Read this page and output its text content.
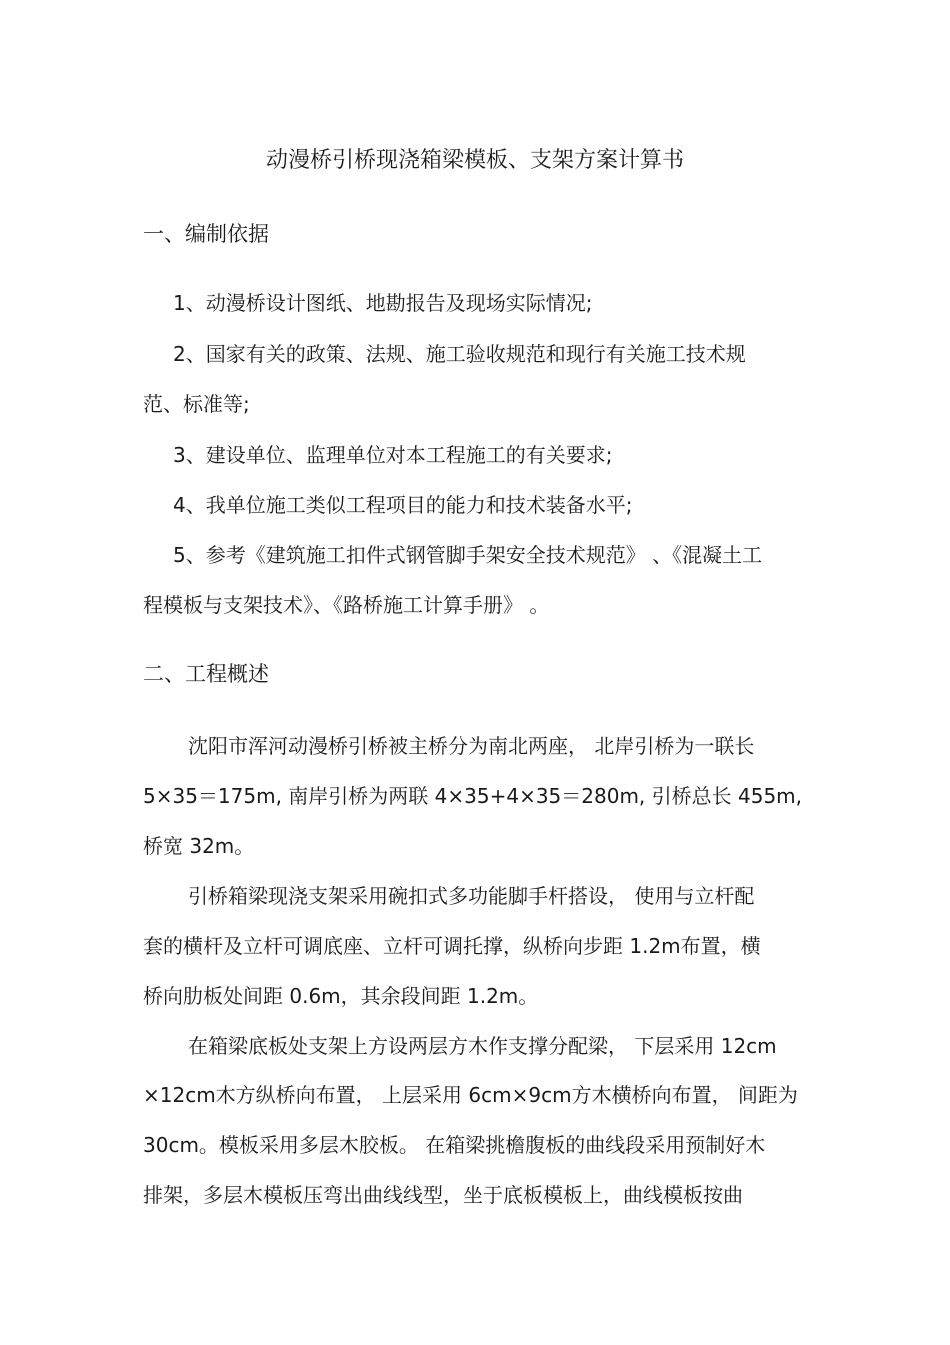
动漫桥引桥现浇箱梁模板、支架方案计算书

一、编制依据

1、动漫桥设计图纸、地勘报告及现场实际情况;

2、国家有关的政策、法规、施工验收规范和现行有关施工技术规

范、标准等;

3、建设单位、监理单位对本工程施工的有关要求;

4、我单位施工类似工程项目的能力和技术装备水平;

5、参考《建筑施工扣件式钢管脚手架安全技术规范》 、《混凝土工

程模板与支架技术》、《路桥施工计算手册》 。

二、工程概述

沈阳市浑河动漫桥引桥被主桥分为南北两座， 北岸引桥为一联长

5×35＝175m, 南岸引桥为两联 4×35+4×35＝280m, 引桥总长 455m,

桥宽 32m。

引桥箱梁现浇支架采用碗扣式多功能脚手杆搭设， 使用与立杆配

套的横杆及立杆可调底座、立杆可调托撑，纵桥向步距 1.2m布置，横

桥向肋板处间距 0.6m，其余段间距 1.2m。

在箱梁底板处支架上方设两层方木作支撑分配梁， 下层采用 12cm

×12cm木方纵桥向布置， 上层采用 6cm×9cm方木横桥向布置， 间距为

30cm。模板采用多层木胶板。 在箱梁挑檐腹板的曲线段采用预制好木

排架，多层木模板压弯出曲线线型，坐于底板模板上，曲线模板按曲
